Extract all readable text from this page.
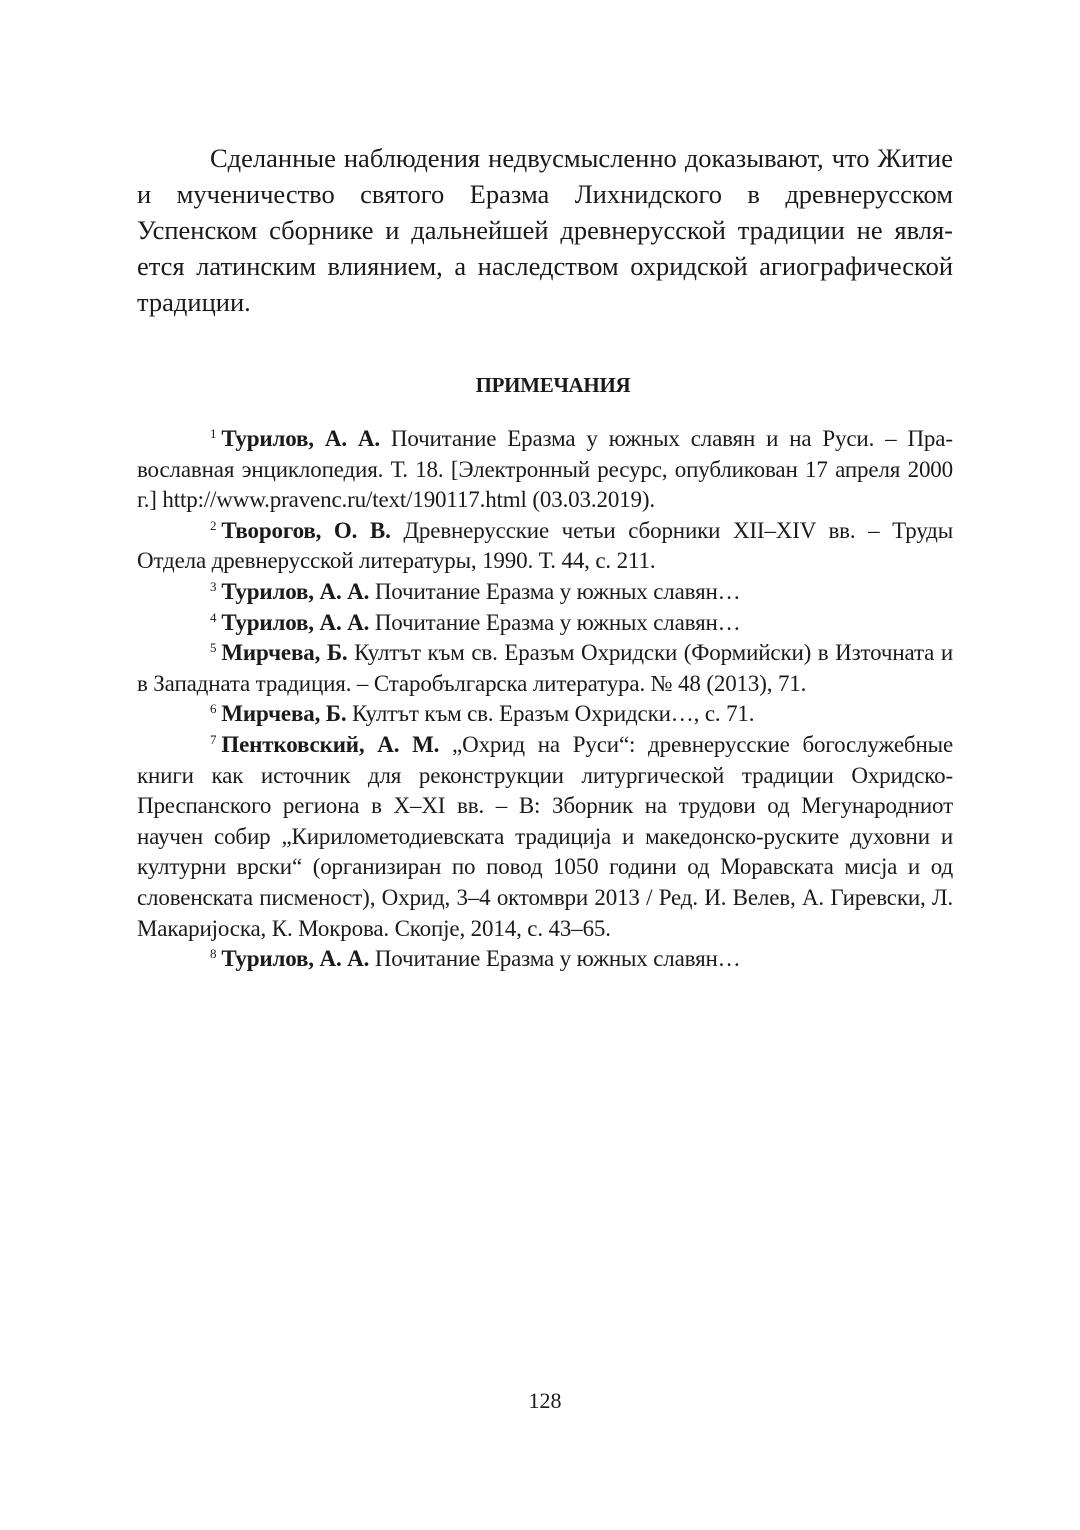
Сделанные наблюдения недвусмысленно доказывают, что Житие и мученичество святого Еразма Лихнидского в древнерусском Успенском сборнике и дальнейшей древнерусской традиции не является латинским влиянием, а наследством охридской агиографической традиции.

ПРИМЕЧАНИЯ

$^1$ Турилов, А. А. Почитание Еразма у южных славян и на Руси. – Православная энциклопедия. Т. 18. [Электронный ресурс, опубликован 17 апреля 2000 г.] http://www.pravenc.ru/text/190117.html (03.03.2019).

$^2$ Творогов, О. В. Древнерусские четьи сборники XII–XIV вв. – Труды Отдела древнерусской литературы, 1990. Т. 44, с. 211.

$^3$ Турилов, А. А. Почитание Еразма у южных славян…

$^4$ Турилов, А. А. Почитание Еразма у южных славян…

$^5$ Мирчева, Б. Култът към св. Еразъм Охридски (Формийски) в Източната и в Западната традиция. – Старобългарска литература. № 48 (2013), 71.

$^6$ Мирчева, Б. Култът към св. Еразъм Охридски…, с. 71.

$^7$ Пентковский, А. М. „Охрид на Руси“: древнерусские богослужебные книги как источник для реконструкции литургической традиции Охридско-Преспанского региона в X–XI вв. – В: Зборник на трудови од Мегународниот научен собир „Кирилометодиевската традиција и македонско-руските духовни и културни врски“ (организиран по повод 1050 години од Моравската мисја и од словенската писменост), Охрид, 3–4 октомври 2013 / Ред. И. Велев, А. Гиревски, Л. Макаријоска, К. Мокрова. Скопје, 2014, с. 43–65.

$^8$ Турилов, А. А. Почитание Еразма у южных славян…

128
